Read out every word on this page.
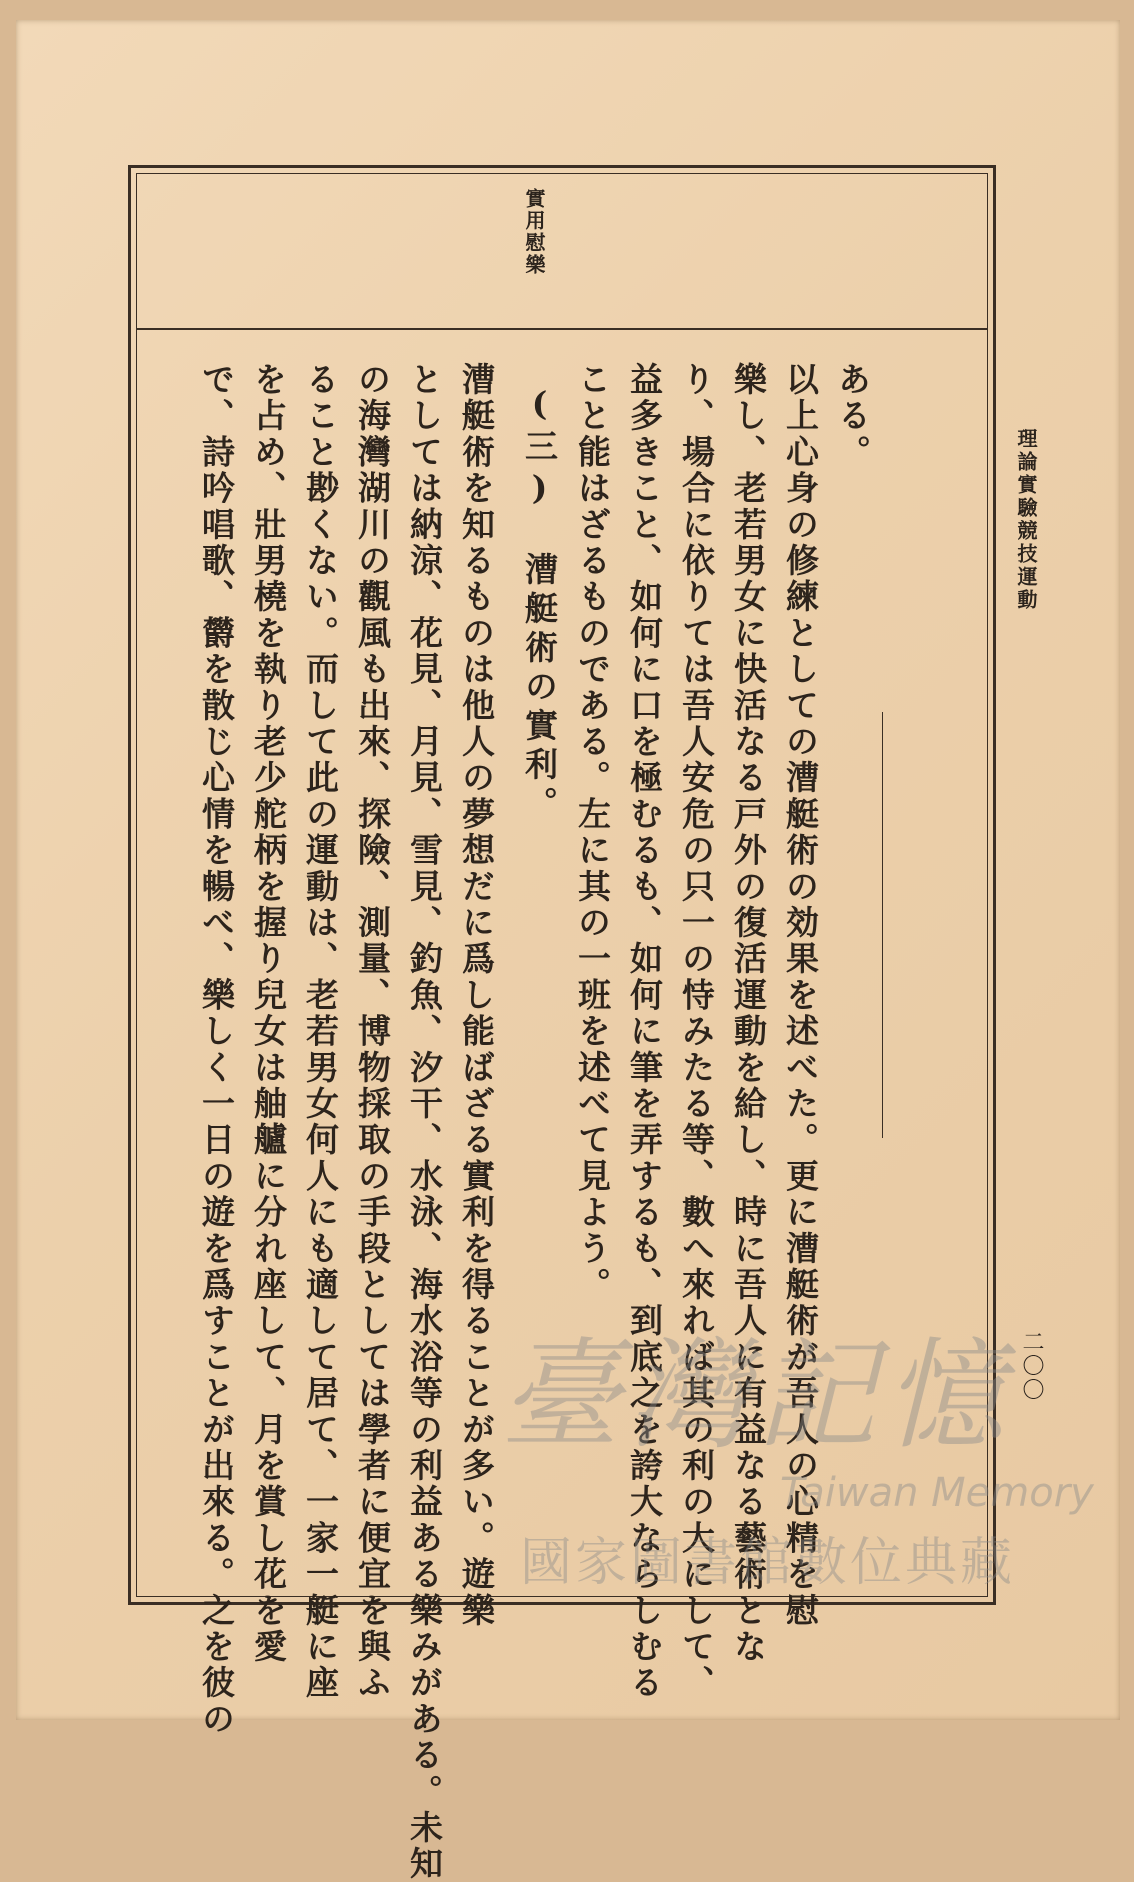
理論實驗競技運動
二〇〇
實用慰樂
ある。
以上心身の修練としての漕艇術の効果を述べた。更に漕艇術が吾人の心精を慰
樂し、老若男女に快活なる戸外の復活運動を給し、時に吾人に有益なる藝術とな
り、場合に依りては吾人安危の只一の恃みたる等、數へ來れば其の利の大にして、
益多きこと、如何に口を極むるも、如何に筆を弄するも、到底之を誇大ならしむる
こと能はざるものである。左に其の一班を述べて見よう。
(三)　漕艇術の實利。
漕艇術を知るものは他人の夢想だに爲し能ばざる實利を得ることが多い。遊樂
としては納涼、花見、月見、雪見、釣魚、汐干、水泳、海水浴等の利益ある樂みがある。未知
の海灣湖川の觀風も出來、探險、測量、博物採取の手段としては學者に便宜を與ふ
ること尠くない。而して此の運動は、老若男女何人にも適して居て、一家一艇に座
を占め、壯男橈を執り老少舵柄を握り兒女は舳艫に分れ座して、月を賞し花を愛
で、詩吟唱歌、欝を散じ心情を暢べ、樂しく一日の遊を爲すことが出來る。之を彼の 臺灣記憶
Taiwan Memory
國家圖書館數位典藏
